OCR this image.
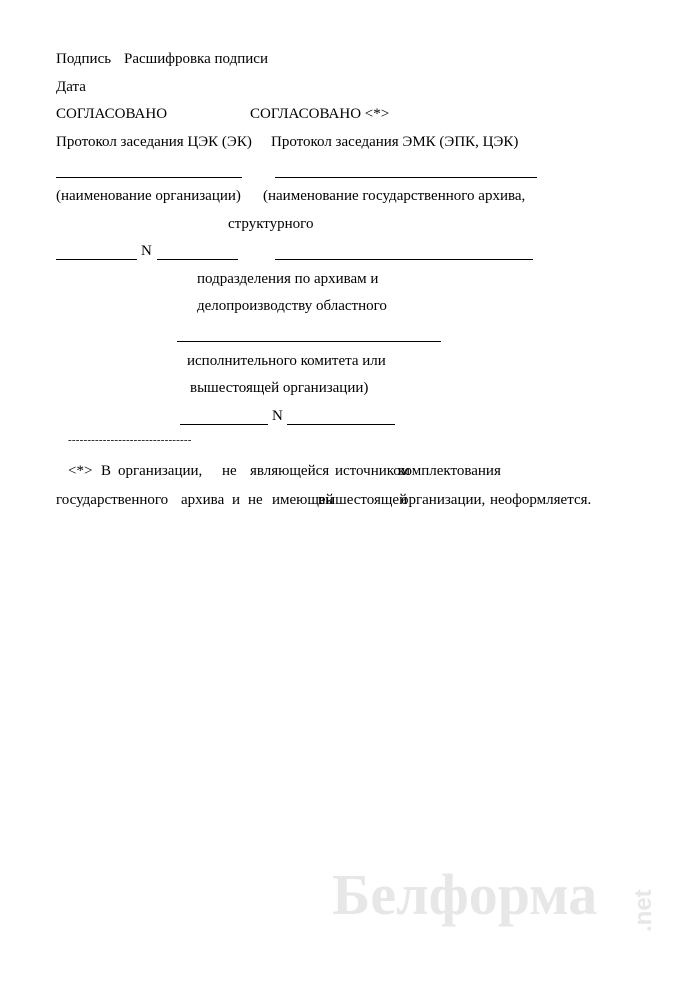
Подпись Расшифровка подписи
Дата
СОГЛАСОВАНО	СОГЛАСОВАНО <*>
Протокол заседания ЦЭК (ЭК) Протокол заседания ЭМК (ЭПК, ЦЭК)
(наименование организации) (наименование государственного архива,
структурного
N
подразделения по архивам и
делопроизводству областного
исполнительного комитета или
вышестоящей организации)
N
--------------------------------
<*> В организации, не являющейся источником
комплектования
государственного архива и не имеющей
вышестоящей
организации, неоформляется.
Белформа .net
